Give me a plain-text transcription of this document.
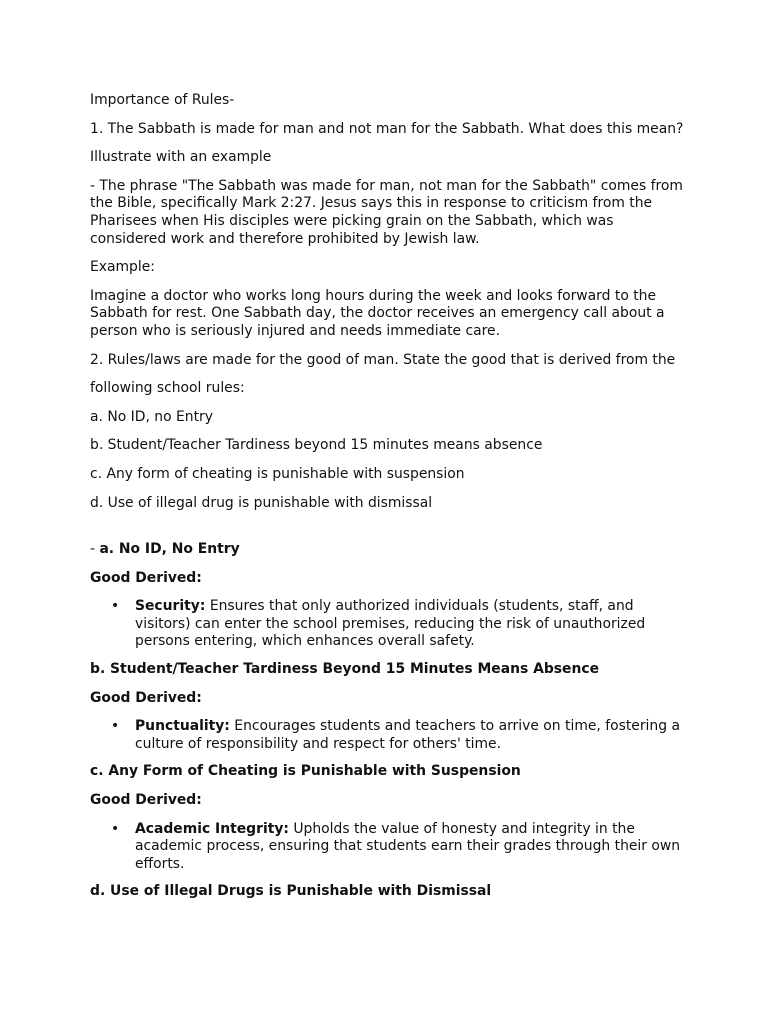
Importance of Rules-

1. The Sabbath is made for man and not man for the Sabbath. What does this mean?

Illustrate with an example

- The phrase "The Sabbath was made for man, not man for the Sabbath" comes from the Bible, specifically Mark 2:27. Jesus says this in response to criticism from the Pharisees when His disciples were picking grain on the Sabbath, which was considered work and therefore prohibited by Jewish law.

Example:

Imagine a doctor who works long hours during the week and looks forward to the Sabbath for rest. One Sabbath day, the doctor receives an emergency call about a person who is seriously injured and needs immediate care.

2. Rules/laws are made for the good of man. State the good that is derived from the

following school rules:

a. No ID, no Entry

b. Student/Teacher Tardiness beyond 15 minutes means absence

c. Any form of cheating is punishable with suspension

d. Use of illegal drug is punishable with dismissal

- a. No ID, No Entry

Good Derived:

• Security: Ensures that only authorized individuals (students, staff, and visitors) can enter the school premises, reducing the risk of unauthorized persons entering, which enhances overall safety.

b. Student/Teacher Tardiness Beyond 15 Minutes Means Absence

Good Derived:

• Punctuality: Encourages students and teachers to arrive on time, fostering a culture of responsibility and respect for others' time.

c. Any Form of Cheating is Punishable with Suspension

Good Derived:

• Academic Integrity: Upholds the value of honesty and integrity in the academic process, ensuring that students earn their grades through their own efforts.

d. Use of Illegal Drugs is Punishable with Dismissal
